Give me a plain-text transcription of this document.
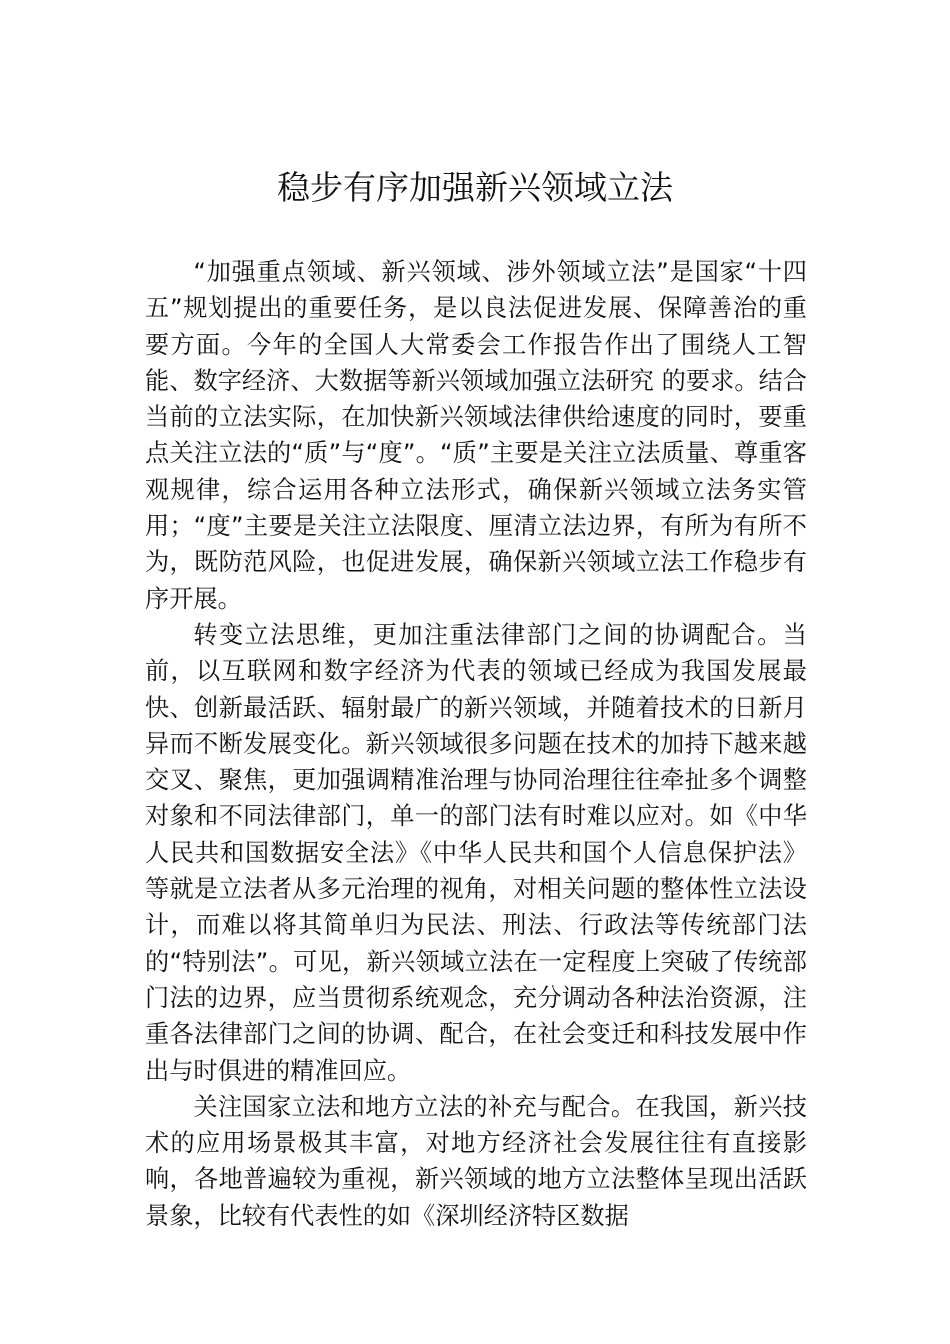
稳步有序加强新兴领域立法

“加强重点领域、新兴领域、涉外领域立法”是国家“十四五”规划提出的重要任务，是以良法促进发展、保障善治的重要方面。今年的全国人大常委会工作报告作出了围绕人工智能、数字经济、大数据等新兴领域加强立法研究 的要求。结合当前的立法实际，在加快新兴领域法律供给速度的同时，要重点关注立法的“质”与“度”。“质”主要是关注立法质量、尊重客观规律，综合运用各种立法形式，确保新兴领域立法务实管用；“度”主要是关注立法限度、厘清立法边界，有所为有所不为，既防范风险，也促进发展，确保新兴领域立法工作稳步有序开展。

转变立法思维，更加注重法律部门之间的协调配合。当前，以互联网和数字经济为代表的领域已经成为我国发展最快、创新最活跃、辐射最广的新兴领域，并随着技术的日新月异而不断发展变化。新兴领域很多问题在技术的加持下越来越交叉、聚焦，更加强调精准治理与协同治理往往牵扯多个调整对象和不同法律部门，单一的部门法有时难以应对。如《中华人民共和国数据安全法》《中华人民共和国个人信息保护法》等就是立法者从多元治理的视角，对相关问题的整体性立法设计，而难以将其简单归为民法、刑法、行政法等传统部门法的“特别法”。可见，新兴领域立法在一定程度上突破了传统部门法的边界，应当贯彻系统观念，充分调动各种法治资源，注重各法律部门之间的协调、配合，在社会变迁和科技发展中作出与时俱进的精准回应。

关注国家立法和地方立法的补充与配合。在我国，新兴技术的应用场景极其丰富，对地方经济社会发展往往有直接影响，各地普遍较为重视，新兴领域的地方立法整体呈现出活跃景象，比较有代表性的如《深圳经济特区数据
